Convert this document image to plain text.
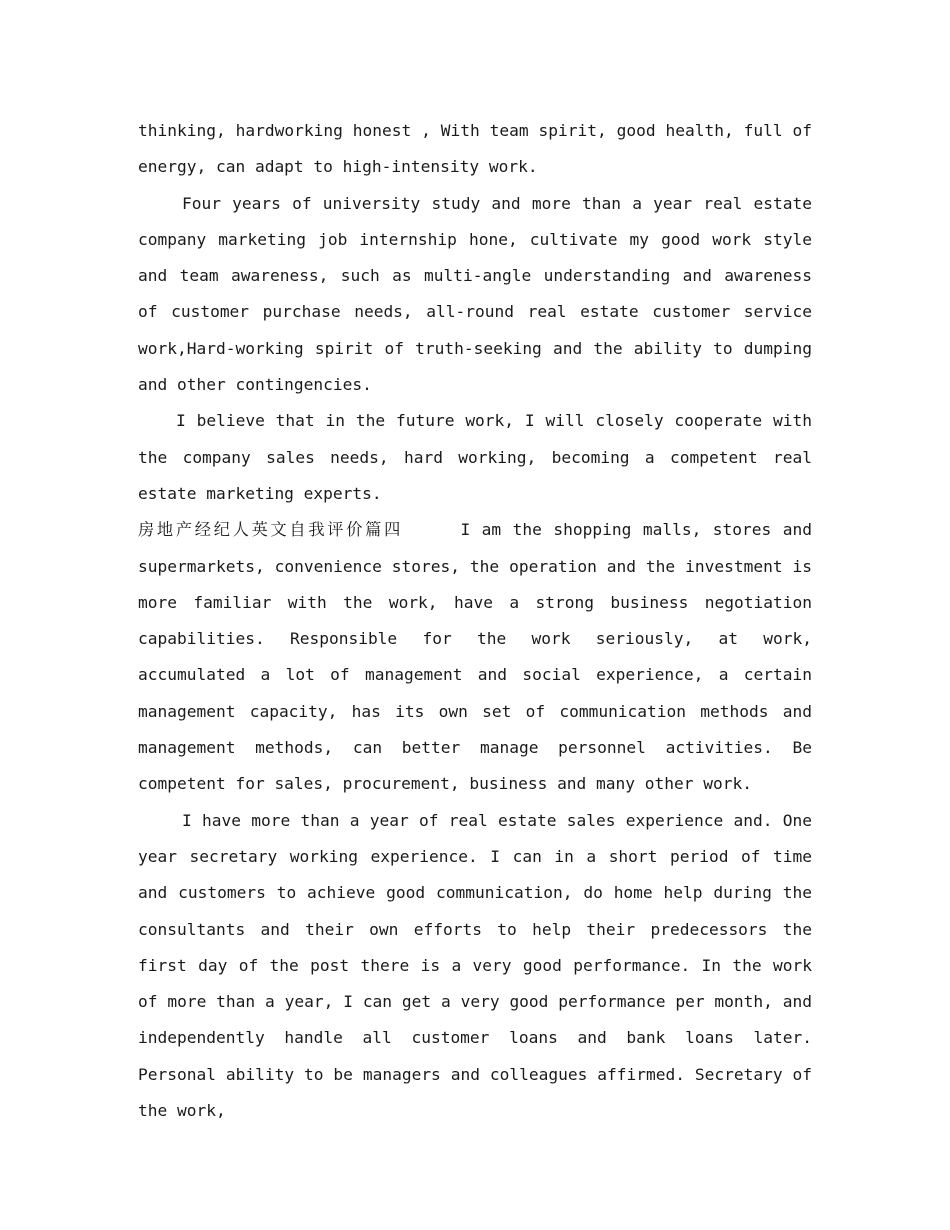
thinking, hardworking honest , With team spirit, good health, full of energy, can adapt to high-intensity work.

Four years of university study and more than a year real estate company marketing job internship hone, cultivate my good work style and team awareness, such as multi-angle understanding and awareness of customer purchase needs, all-round real estate customer service work,Hard-working spirit of truth-seeking and the ability to dumping and other contingencies.

I believe that in the future work, I will closely cooperate with the company sales needs, hard working, becoming a competent real estate marketing experts.

房地产经纪人英文自我评价篇四	I am the shopping malls, stores and supermarkets, convenience stores, the operation and the investment is more familiar with the work, have a strong business negotiation capabilities. Responsible for the work seriously, at work, accumulated a lot of management and social experience, a certain management capacity, has its own set of communication methods and management methods, can better manage personnel activities. Be competent for sales, procurement, business and many other work.

I have more than a year of real estate sales experience and. One year secretary working experience. I can in a short period of time and customers to achieve good communication, do home help during the consultants and their own efforts to help their predecessors the first day of the post there is a very good performance. In the work of more than a year, I can get a very good performance per month, and independently handle all customer loans and bank loans later. Personal ability to be managers and colleagues affirmed. Secretary of the work,
